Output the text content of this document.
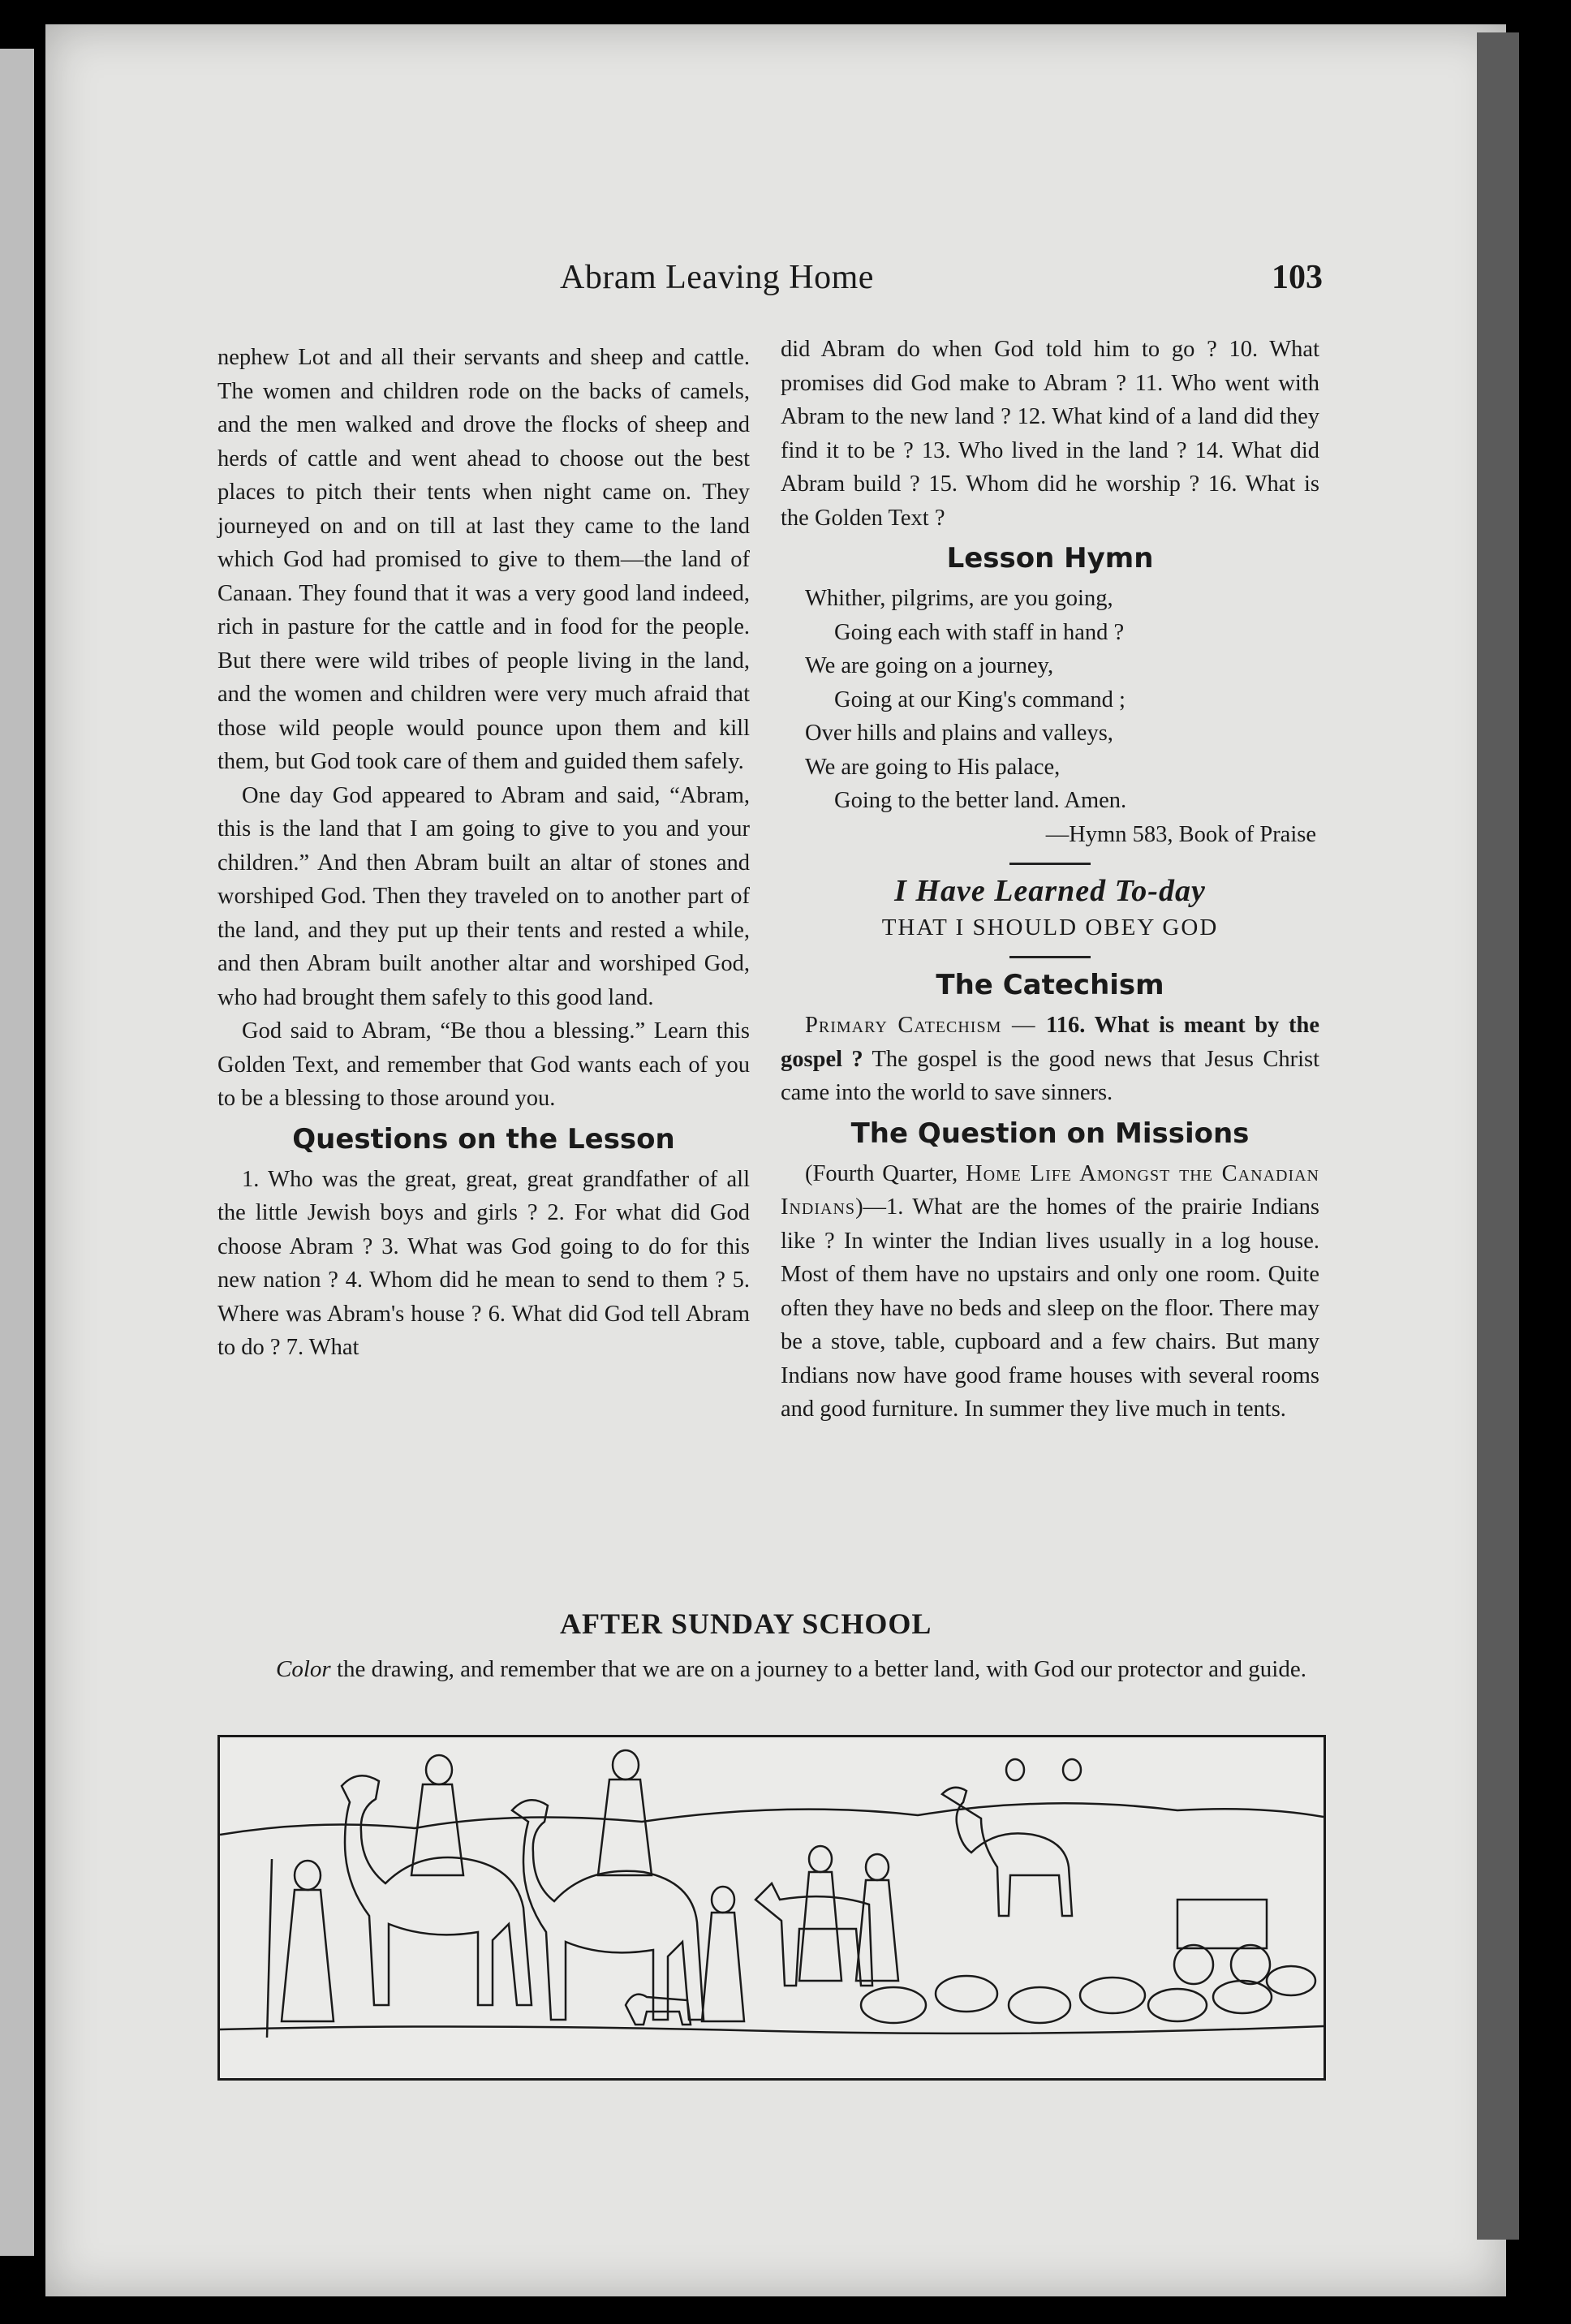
Abram Leaving Home	103

nephew Lot and all their servants and sheep and cattle. The women and children rode on the backs of camels, and the men walked and drove the flocks of sheep and herds of cattle and went ahead to choose out the best places to pitch their tents when night came on. They journeyed on and on till at last they came to the land which God had promised to give to them—the land of Canaan. They found that it was a very good land indeed, rich in pasture for the cattle and in food for the people. But there were wild tribes of people living in the land, and the women and children were very much afraid that those wild people would pounce upon them and kill them, but God took care of them and guided them safely.

One day God appeared to Abram and said, “Abram, this is the land that I am going to give to you and your children.” And then Abram built an altar of stones and worshiped God. Then they traveled on to another part of the land, and they put up their tents and rested a while, and then Abram built another altar and worshiped God, who had brought them safely to this good land.

God said to Abram, “Be thou a blessing.” Learn this Golden Text, and remember that God wants each of you to be a blessing to those around you.

Questions on the Lesson

1. Who was the great, great, great grandfather of all the little Jewish boys and girls ? 2. For what did God choose Abram ? 3. What was God going to do for this new nation ? 4. Whom did he mean to send to them ? 5. Where was Abram's house ? 6. What did God tell Abram to do ? 7. What

did Abram do when God told him to go ? 10. What promises did God make to Abram ? 11. Who went with Abram to the new land ? 12. What kind of a land did they find it to be ? 13. Who lived in the land ? 14. What did Abram build ? 15. Whom did he worship ? 16. What is the Golden Text ?

Lesson Hymn
Whither, pilgrims, are you going,
Going each with staff in hand ?
We are going on a journey,
Going at our King's command ;
Over hills and plains and valleys,
We are going to His palace,
Going to the better land. Amen.
—Hymn 583, Book of Praise
I Have Learned To-day
THAT I SHOULD OBEY GOD
The Catechism

Primary Catechism — 116. What is meant by the gospel ? The gospel is the good news that Jesus Christ came into the world to save sinners.

The Question on Missions

(Fourth Quarter, Home Life Amongst the Canadian Indians)—1. What are the homes of the prairie Indians like ? In winter the Indian lives usually in a log house. Most of them have no upstairs and only one room. Quite often they have no beds and sleep on the floor. There may be a stove, table, cupboard and a few chairs. But many Indians now have good frame houses with several rooms and good furniture. In summer they live much in tents.

AFTER SUNDAY SCHOOL
Color the drawing, and remember that we are on a journey to a better land, with God our protector and guide.
